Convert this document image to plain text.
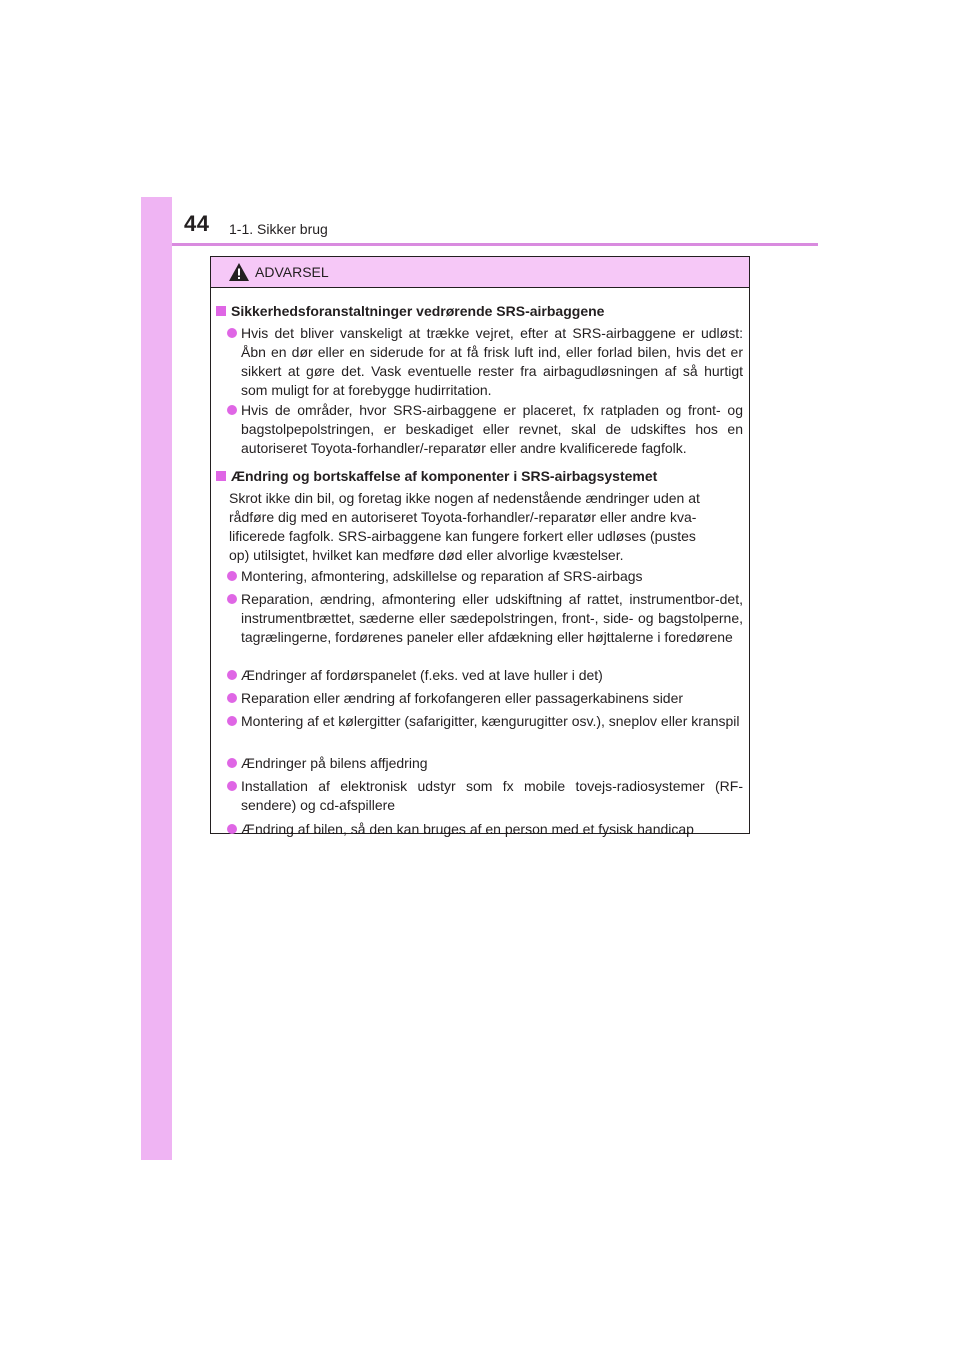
44 1-1. Sikker brug
ADVARSEL
Sikkerhedsforanstaltninger vedrørende SRS-airbaggene
Hvis det bliver vanskeligt at trække vejret, efter at SRS-airbaggene er udløst: Åbn en dør eller en siderude for at få frisk luft ind, eller forlad bilen, hvis det er sikkert at gøre det. Vask eventuelle rester fra airbagudløsningen af så hurtigt som muligt for at forebygge hudirritation.
Hvis de områder, hvor SRS-airbaggene er placeret, fx ratpladen og front- og bagstolpepolstringen, er beskadiget eller revnet, skal de udskiftes hos en autoriseret Toyota-forhandler/-reparatør eller andre kvalificerede fagfolk.
Ændring og bortskaffelse af komponenter i SRS-airbagsystemet
Skrot ikke din bil, og foretag ikke nogen af nedenstående ændringer uden at
rådføre dig med en autoriseret Toyota-forhandler/-reparatør eller andre kva-
lificerede fagfolk. SRS-airbaggene kan fungere forkert eller udløses (pustes
op) utilsigtet, hvilket kan medføre død eller alvorlige kvæstelser.
Montering, afmontering, adskillelse og reparation af SRS-airbags
Reparation, ændring, afmontering eller udskiftning af rattet, instrumentbor-det, instrumentbrættet, sæderne eller sædepolstringen, front-, side- og bagstolperne, tagrælingerne, fordørenes paneler eller afdækning eller højttalerne i foredørene
Ændringer af fordørspanelet (f.eks. ved at lave huller i det)
Reparation eller ændring af forkofangeren eller passagerkabinens sider
Montering af et kølergitter (safarigitter, kængurugitter osv.), sneplov eller kranspil
Ændringer på bilens affjedring
Installation af elektronisk udstyr som fx mobile tovejs-radiosystemer (RF-sendere) og cd-afspillere
Ændring af bilen, så den kan bruges af en person med et fysisk handicap
